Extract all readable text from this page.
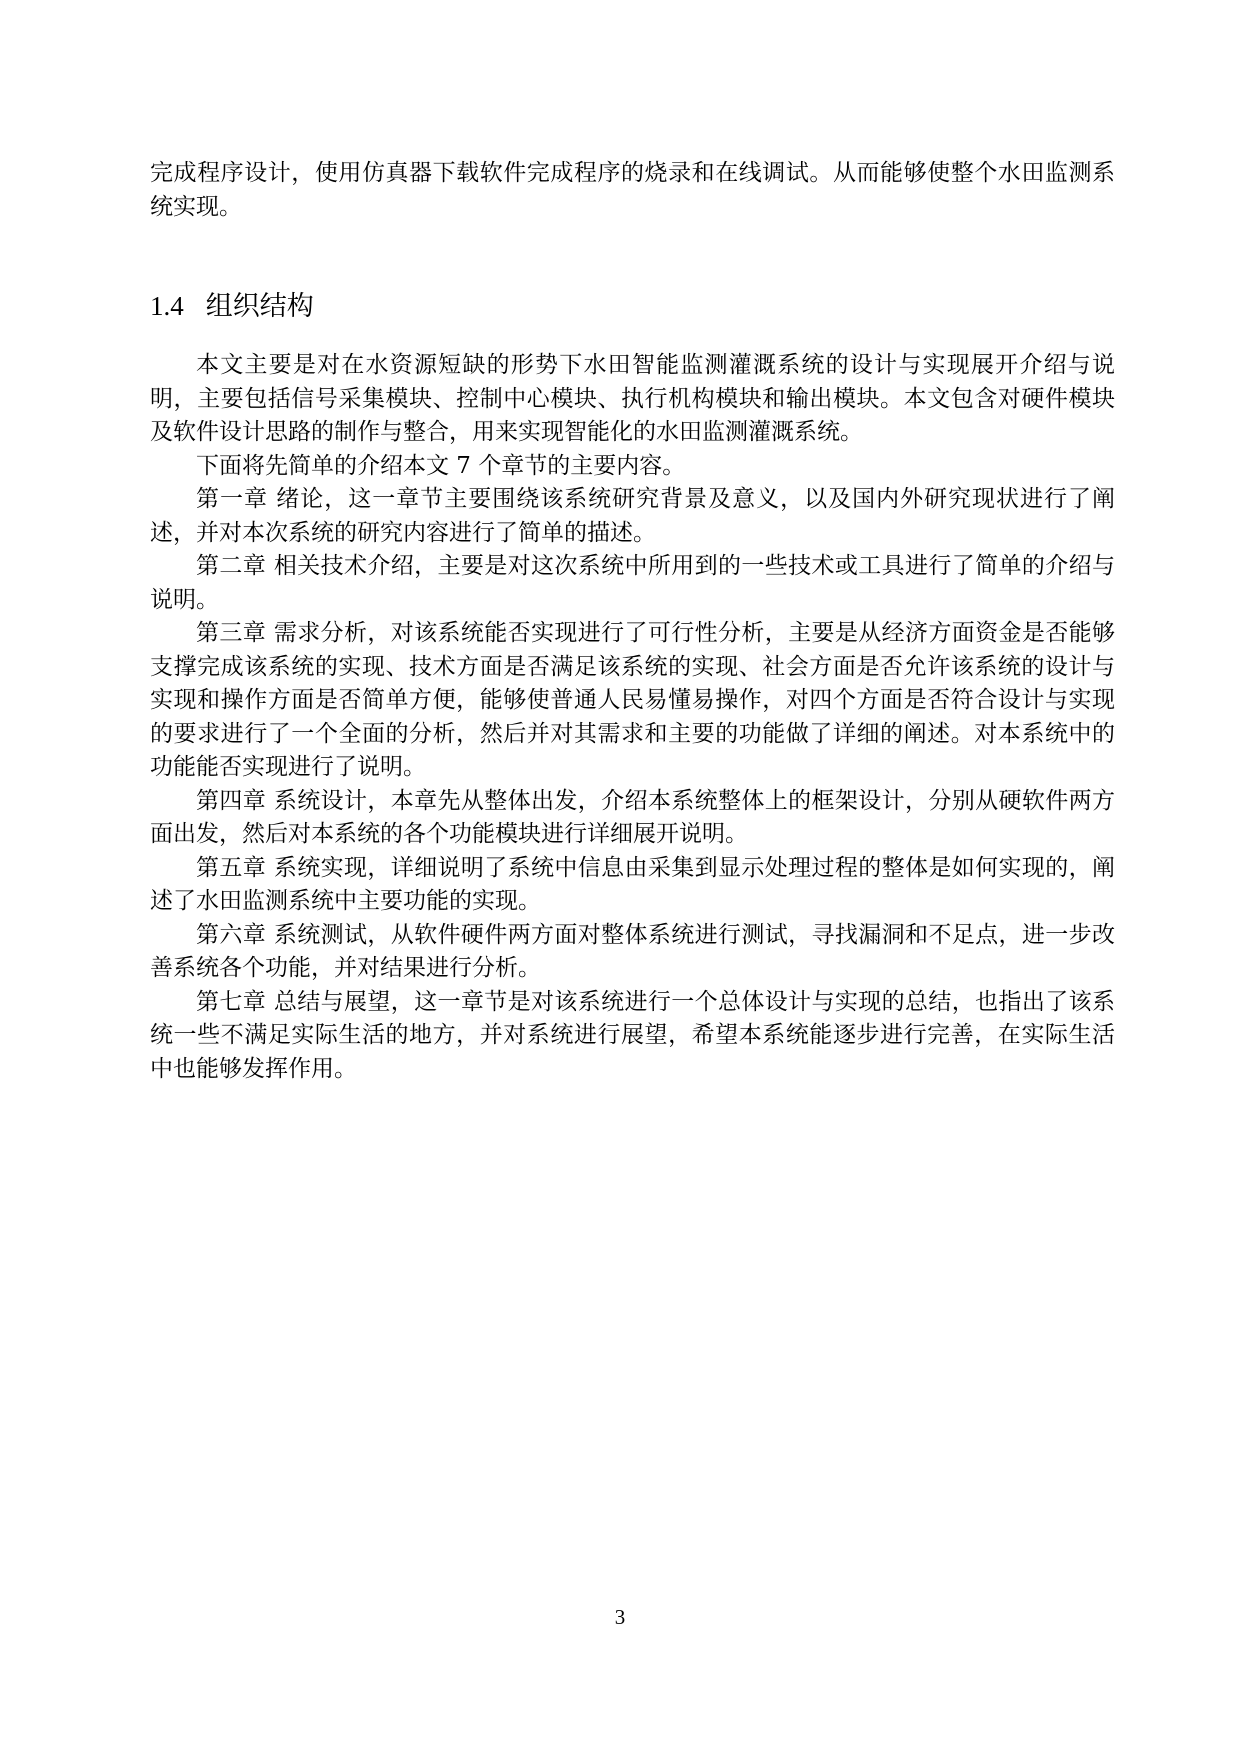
完成程序设计，使用仿真器下载软件完成程序的烧录和在线调试。从而能够使整个水田监测系统实现。

1.4 组织结构

本文主要是对在水资源短缺的形势下水田智能监测灌溉系统的设计与实现展开介绍与说明，主要包括信号采集模块、控制中心模块、执行机构模块和输出模块。本文包含对硬件模块及软件设计思路的制作与整合，用来实现智能化的水田监测灌溉系统。

下面将先简单的介绍本文 7 个章节的主要内容。

第一章 绪论，这一章节主要围绕该系统研究背景及意义，以及国内外研究现状进行了阐述，并对本次系统的研究内容进行了简单的描述。

第二章 相关技术介绍，主要是对这次系统中所用到的一些技术或工具进行了简单的介绍与说明。

第三章 需求分析，对该系统能否实现进行了可行性分析，主要是从经济方面资金是否能够支撑完成该系统的实现、技术方面是否满足该系统的实现、社会方面是否允许该系统的设计与实现和操作方面是否简单方便，能够使普通人民易懂易操作，对四个方面是否符合设计与实现的要求进行了一个全面的分析，然后并对其需求和主要的功能做了详细的阐述。对本系统中的功能能否实现进行了说明。

第四章 系统设计，本章先从整体出发，介绍本系统整体上的框架设计，分别从硬软件两方面出发，然后对本系统的各个功能模块进行详细展开说明。

第五章 系统实现，详细说明了系统中信息由采集到显示处理过程的整体是如何实现的，阐述了水田监测系统中主要功能的实现。

第六章 系统测试，从软件硬件两方面对整体系统进行测试，寻找漏洞和不足点，进一步改善系统各个功能，并对结果进行分析。

第七章 总结与展望，这一章节是对该系统进行一个总体设计与实现的总结，也指出了该系统一些不满足实际生活的地方，并对系统进行展望，希望本系统能逐步进行完善，在实际生活中也能够发挥作用。

3
